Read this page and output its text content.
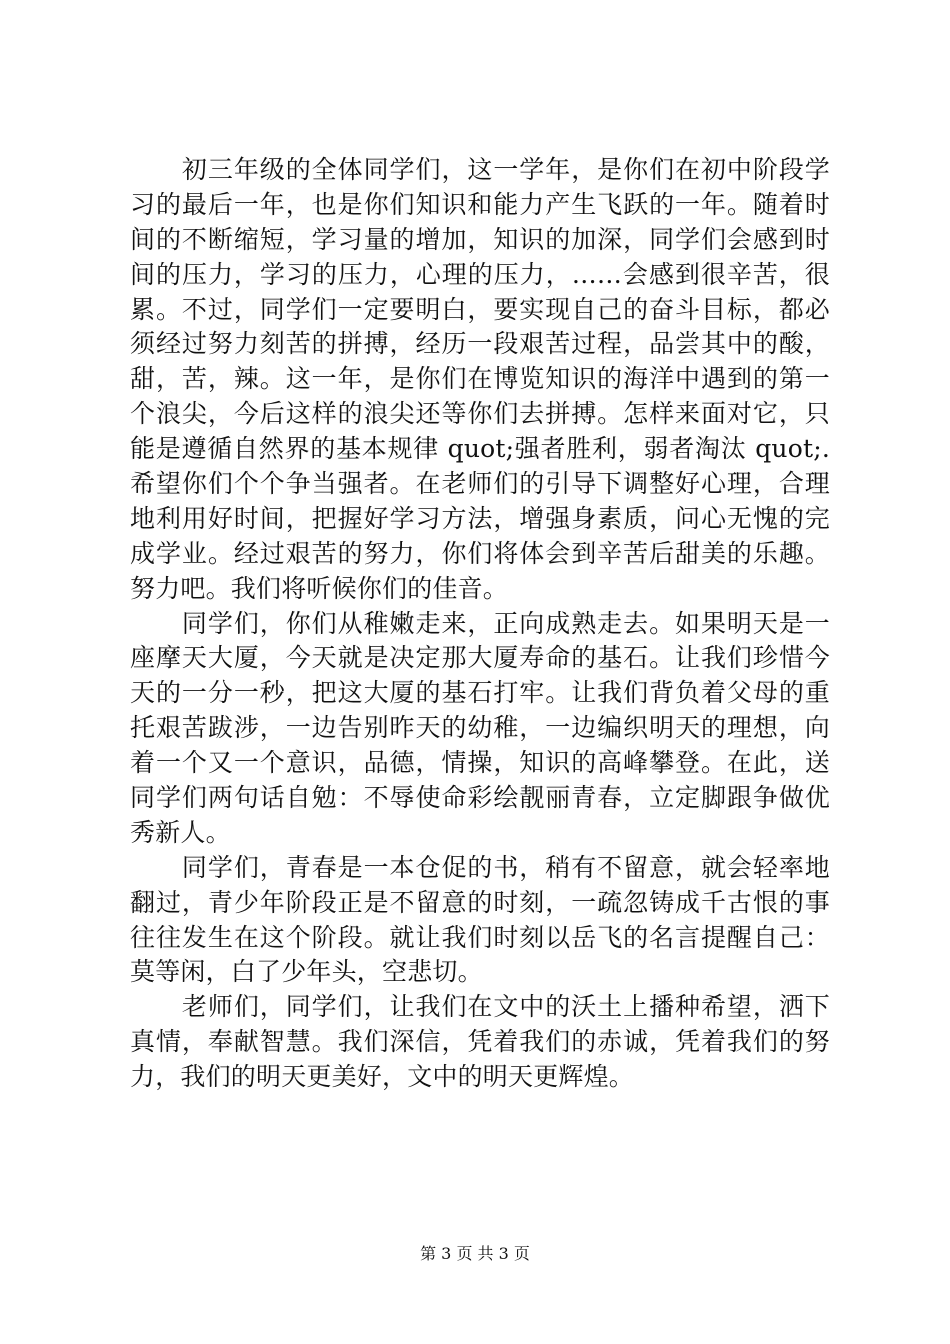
　　初三年级的全体同学们，这一学年，是你们在初中阶段学
习的最后一年，也是你们知识和能力产生飞跃的一年。随着时
间的不断缩短，学习量的增加，知识的加深，同学们会感到时
间的压力，学习的压力，心理的压力，……会感到很辛苦，很
累。不过，同学们一定要明白，要实现自己的奋斗目标，都必
须经过努力刻苦的拼搏，经历一段艰苦过程，品尝其中的酸，
甜，苦，辣。这一年，是你们在博览知识的海洋中遇到的第一
个浪尖，今后这样的浪尖还等你们去拼搏。怎样来面对它，只
能是遵循自然界的基本规律 quot;强者胜利，弱者淘汰 quot;.
希望你们个个争当强者。在老师们的引导下调整好心理，合理
地利用好时间，把握好学习方法，增强身素质，问心无愧的完
成学业。经过艰苦的努力，你们将体会到辛苦后甜美的乐趣。
努力吧。我们将听候你们的佳音。
　　同学们，你们从稚嫩走来，正向成熟走去。如果明天是一
座摩天大厦，今天就是决定那大厦寿命的基石。让我们珍惜今
天的一分一秒，把这大厦的基石打牢。让我们背负着父母的重
托艰苦跋涉，一边告别昨天的幼稚，一边编织明天的理想，向
着一个又一个意识，品德，情操，知识的高峰攀登。在此，送
同学们两句话自勉：不辱使命彩绘靓丽青春，立定脚跟争做优
秀新人。
　　同学们，青春是一本仓促的书，稍有不留意，就会轻率地
翻过，青少年阶段正是不留意的时刻，一疏忽铸成千古恨的事
往往发生在这个阶段。就让我们时刻以岳飞的名言提醒自己：
莫等闲，白了少年头，空悲切。
　　老师们，同学们，让我们在文中的沃土上播种希望，洒下
真情，奉献智慧。我们深信，凭着我们的赤诚，凭着我们的努
力，我们的明天更美好，文中的明天更辉煌。
第 3 页 共 3 页
